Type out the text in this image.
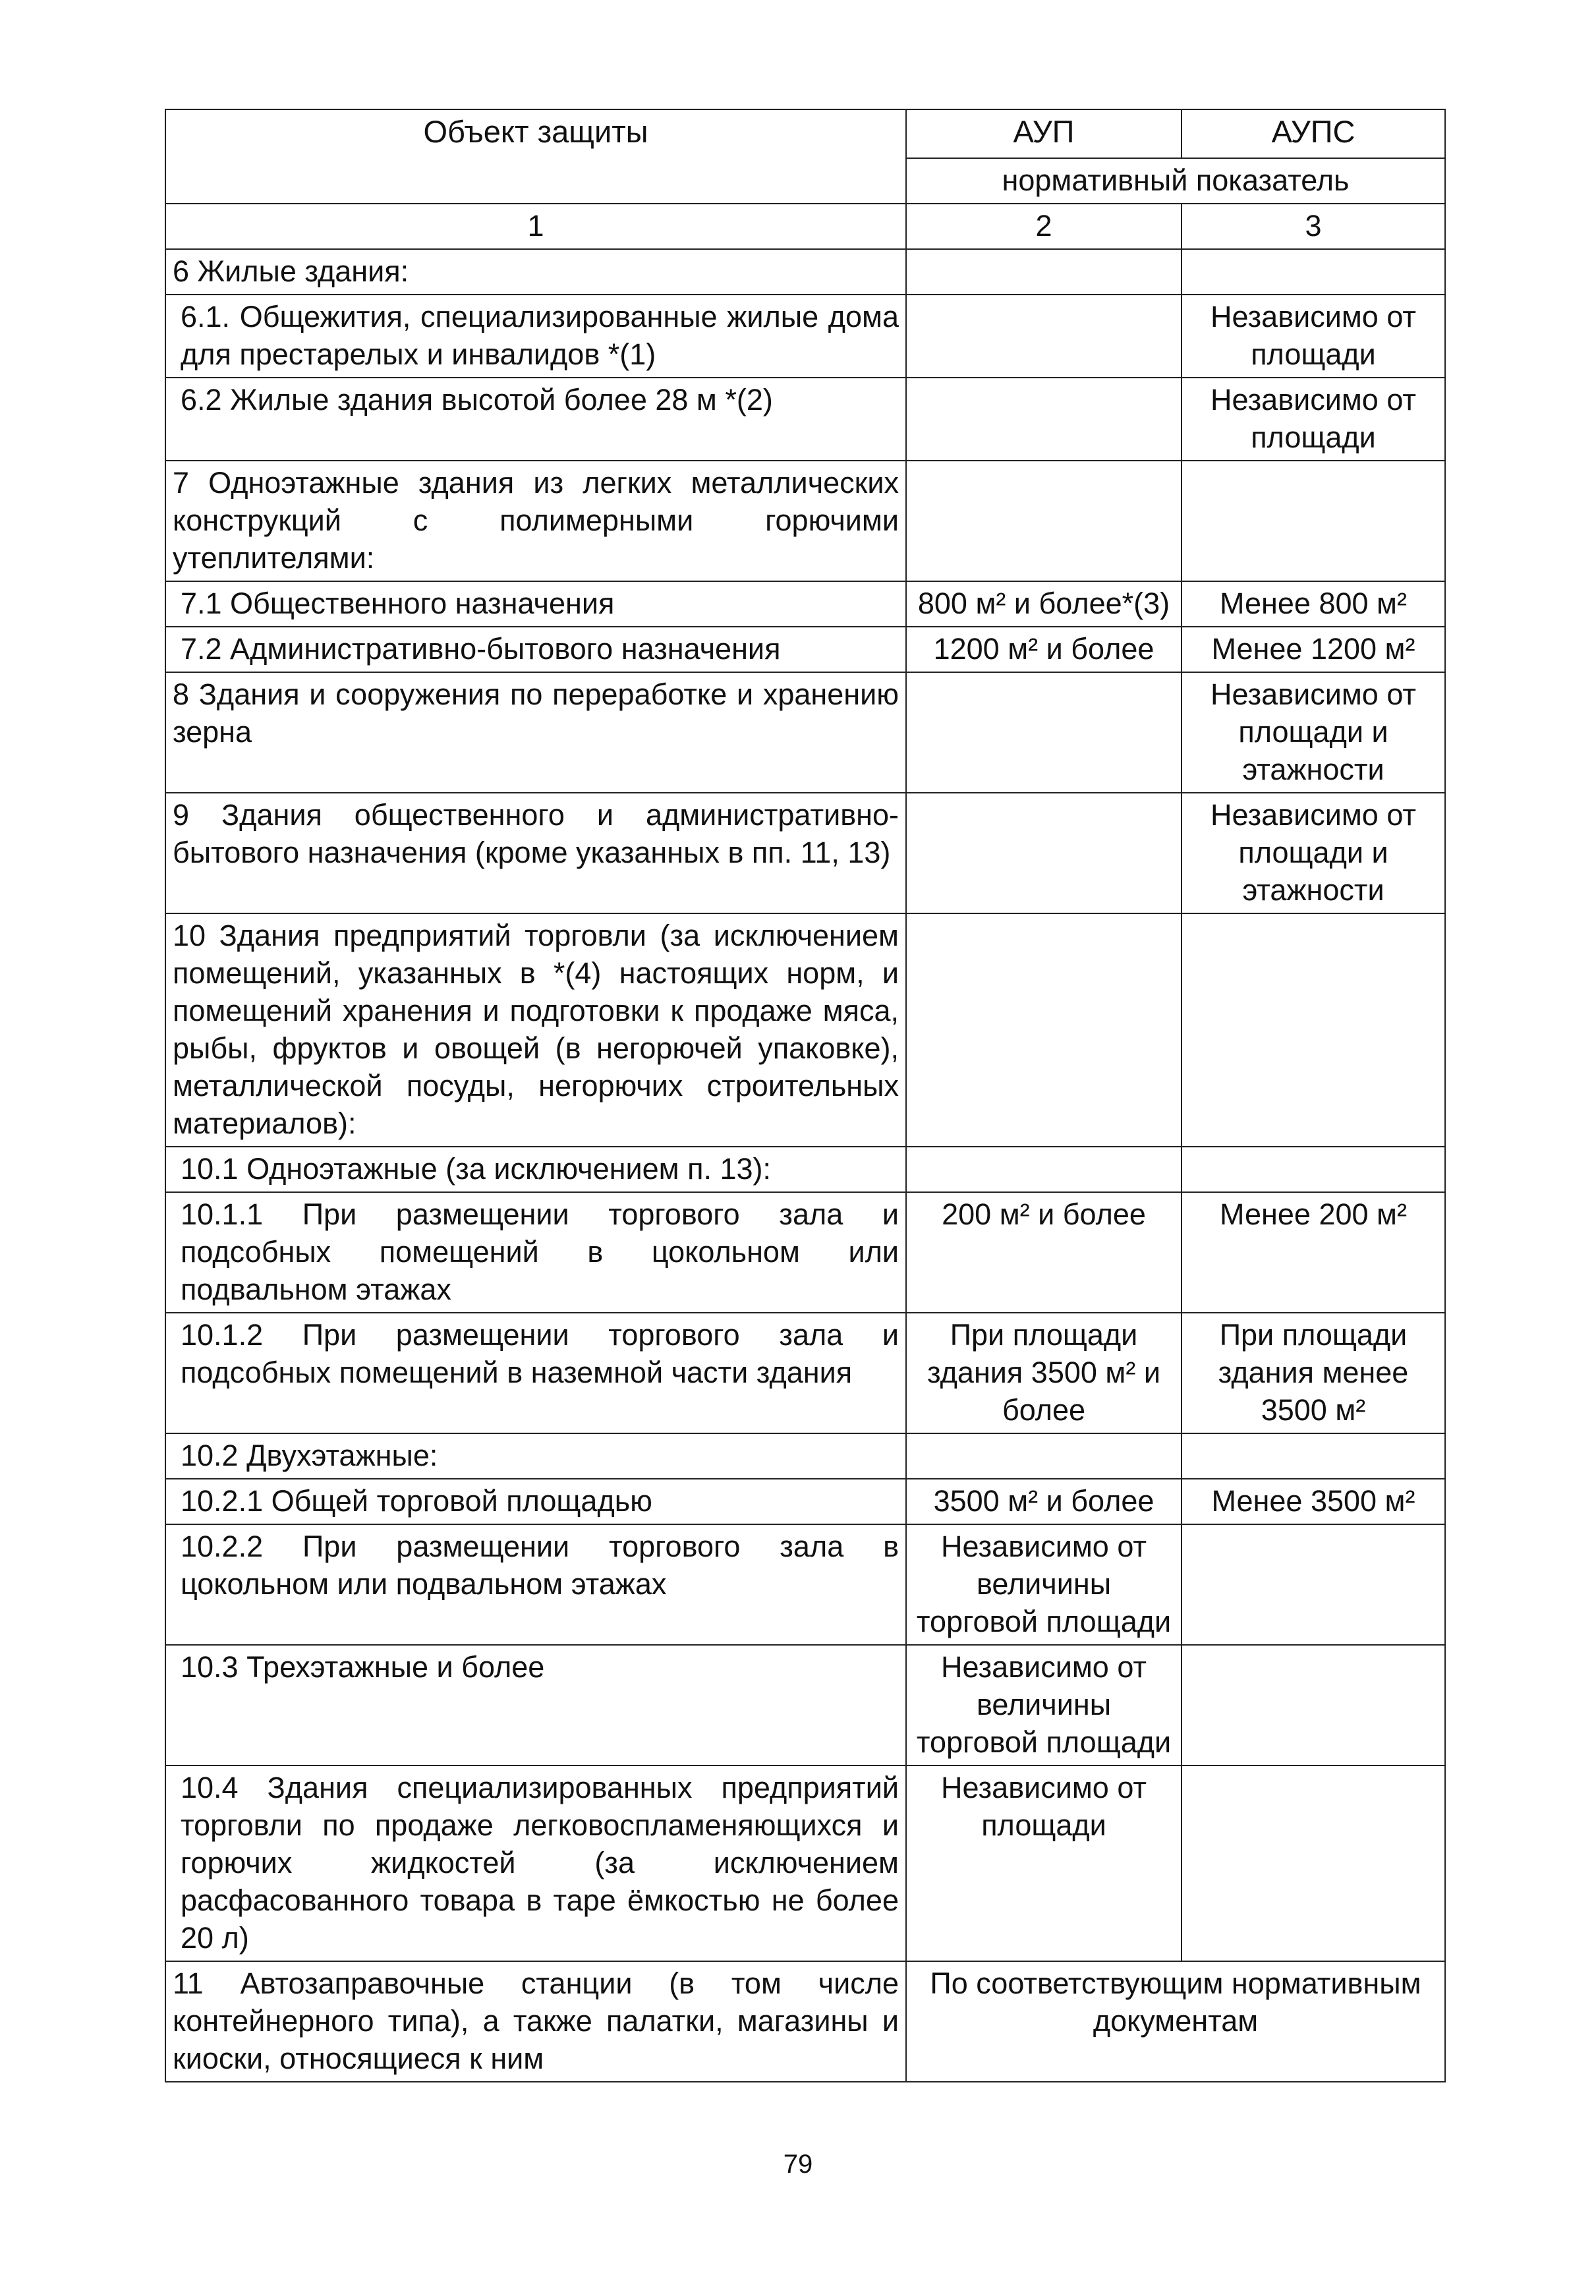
Объект защиты	АУП	АУПС
	нормативный показатель	
1	2	3
6 Жилые здания:		
6.1. Общежития, специализированные жилые дома для престарелых и инвалидов *(1)		Независимо от площади
6.2 Жилые здания высотой более 28 м *(2)		Независимо от площади
7 Одноэтажные здания из легких металлических конструкций с полимерными горючими утеплителями:		
7.1 Общественного назначения	800 м² и более*(3)	Менее 800 м²
7.2 Административно-бытового назначения	1200 м² и более	Менее 1200 м²
8 Здания и сооружения по переработке и хранению зерна		Независимо от площади и этажности
9 Здания общественного и административно-бытового назначения (кроме указанных в пп. 11, 13)		Независимо от площади и этажности
10 Здания предприятий торговли (за исключением помещений, указанных в *(4) настоящих норм, и помещений хранения и подготовки к продаже мяса, рыбы, фруктов и овощей (в негорючей упаковке), металлической посуды, негорючих строительных материалов):		
10.1 Одноэтажные (за исключением п. 13):		
10.1.1 При размещении торгового зала и подсобных помещений в цокольном или подвальном этажах	200 м² и более	Менее 200 м²
10.1.2 При размещении торгового зала и подсобных помещений в наземной части здания	При площади здания 3500 м² и более	При площади здания менее 3500 м²
10.2 Двухэтажные:		
10.2.1 Общей торговой площадью	3500 м² и более	Менее 3500 м²
10.2.2 При размещении торгового зала в цокольном или подвальном этажах	Независимо от величины торговой площади	
10.3 Трехэтажные и более	Независимо от величины торговой площади	
10.4 Здания специализированных предприятий торговли по продаже легковоспламеняющихся и горючих жидкостей (за исключением расфасованного товара в таре ёмкостью не более 20 л)	Независимо от площади	
11 Автозаправочные станции (в том числе контейнерного типа), а также палатки, магазины и киоски, относящиеся к ним	По соответствующим нормативным документам	
79
